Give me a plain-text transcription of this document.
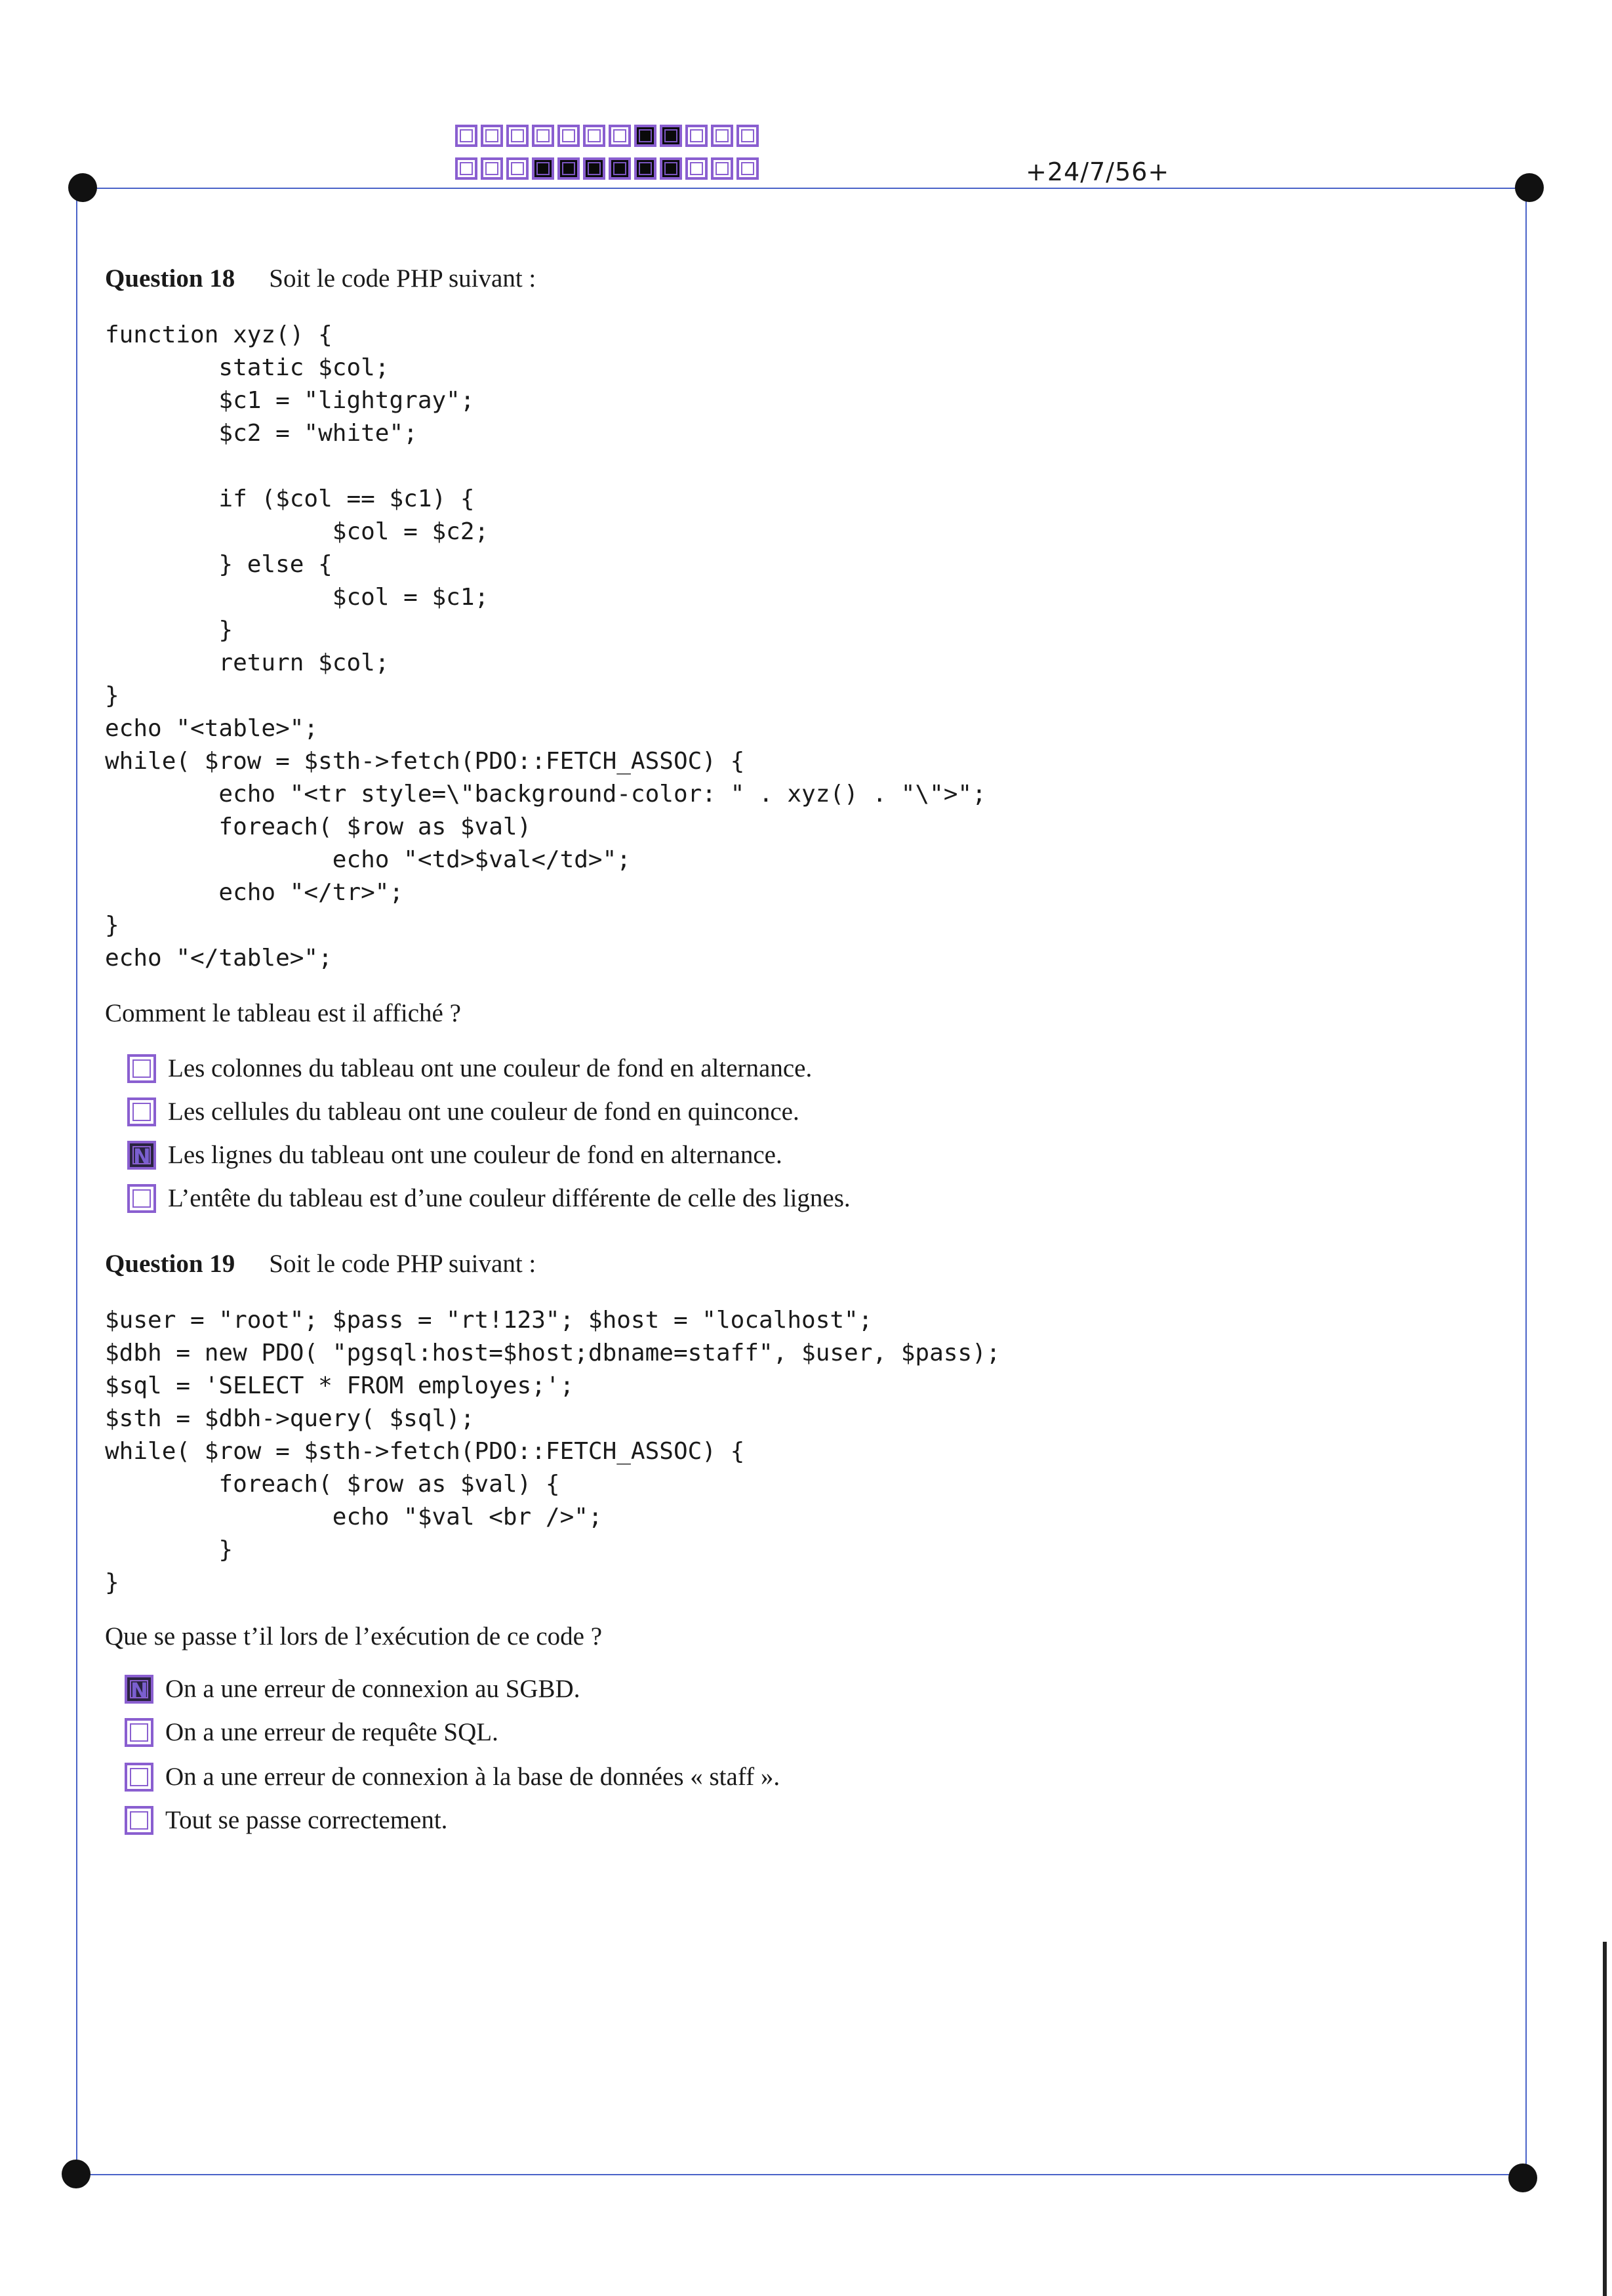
+24/7/56+
Question 18 Soit le code PHP suivant :
function xyz() {
static $col;
$c1 = "lightgray";
$c2 = "white";

if ($col == $c1) {
$col = $c2;
} else {
$col = $c1;
}
return $col;
}
echo "<table>";
while( $row = $sth->fetch(PDO::FETCH_ASSOC) {
echo "<tr style=\"background-color: " . xyz() . "\">";
foreach( $row as $val)
echo "<td>$val</td>";
echo "</tr>";
}
echo "</table>";
Comment le tableau est il affiché ?
Les colonnes du tableau ont une couleur de fond en alternance.
Les cellules du tableau ont une couleur de fond en quinconce.
N Les lignes du tableau ont une couleur de fond en alternance.
L’entête du tableau est d’une couleur différente de celle des lignes.
Question 19 Soit le code PHP suivant :
$user = "root"; $pass = "rt!123"; $host = "localhost";
$dbh = new PDO( "pgsql:host=$host;dbname=staff", $user, $pass);
$sql = 'SELECT * FROM employes;';
$sth = $dbh->query( $sql);
while( $row = $sth->fetch(PDO::FETCH_ASSOC) {
foreach( $row as $val) {
echo "$val <br />";
}
}
Que se passe t’il lors de l’exécution de ce code ?
N On a une erreur de connexion au SGBD.
On a une erreur de requête SQL.
On a une erreur de connexion à la base de données « staff ».
Tout se passe correctement.
